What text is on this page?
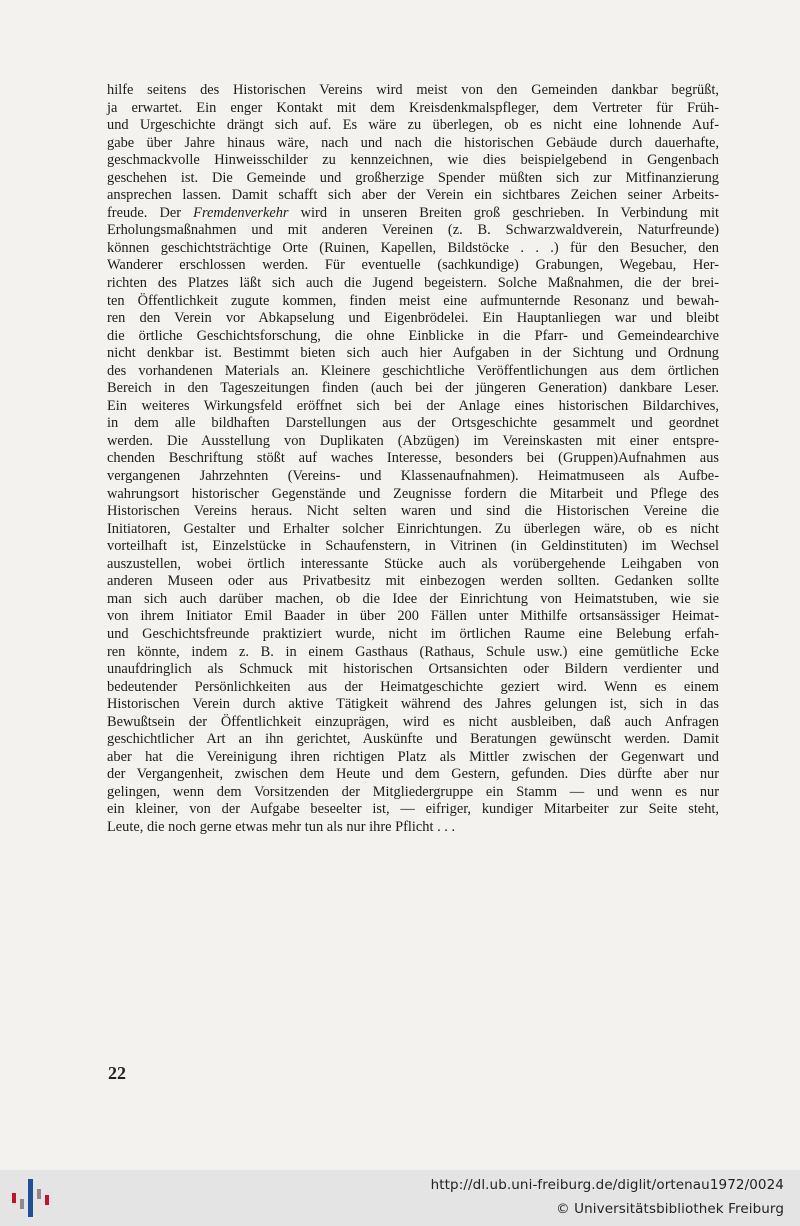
hilfe seitens des Historischen Vereins wird meist von den Gemeinden dankbar begrüßt,
ja erwartet. Ein enger Kontakt mit dem Kreisdenkmalspfleger, dem Vertreter für Früh-
und Urgeschichte drängt sich auf. Es wäre zu überlegen, ob es nicht eine lohnende Auf-
gabe über Jahre hinaus wäre, nach und nach die historischen Gebäude durch dauerhafte,
geschmackvolle Hinweisschilder zu kennzeichnen, wie dies beispielgebend in Gengenbach
geschehen ist. Die Gemeinde und großherzige Spender müßten sich zur Mitfinanzierung
ansprechen lassen. Damit schafft sich aber der Verein ein sichtbares Zeichen seiner Arbeits-
freude. Der Fremdenverkehr wird in unseren Breiten groß geschrieben. In Verbindung mit
Erholungsmaßnahmen und mit anderen Vereinen (z. B. Schwarzwaldverein, Naturfreunde)
können geschichtsträchtige Orte (Ruinen, Kapellen, Bildstöcke . . .) für den Besucher, den
Wanderer erschlossen werden. Für eventuelle (sachkundige) Grabungen, Wegebau, Her-
richten des Platzes läßt sich auch die Jugend begeistern. Solche Maßnahmen, die der brei-
ten Öffentlichkeit zugute kommen, finden meist eine aufmunternde Resonanz und bewah-
ren den Verein vor Abkapselung und Eigenbrödelei. Ein Hauptanliegen war und bleibt
die örtliche Geschichtsforschung, die ohne Einblicke in die Pfarr- und Gemeindearchive
nicht denkbar ist. Bestimmt bieten sich auch hier Aufgaben in der Sichtung und Ordnung
des vorhandenen Materials an. Kleinere geschichtliche Veröffentlichungen aus dem örtlichen
Bereich in den Tageszeitungen finden (auch bei der jüngeren Generation) dankbare Leser.
Ein weiteres Wirkungsfeld eröffnet sich bei der Anlage eines historischen Bildarchives,
in dem alle bildhaften Darstellungen aus der Ortsgeschichte gesammelt und geordnet
werden. Die Ausstellung von Duplikaten (Abzügen) im Vereinskasten mit einer entspre-
chenden Beschriftung stößt auf waches Interesse, besonders bei (Gruppen)Aufnahmen aus
vergangenen Jahrzehnten (Vereins- und Klassenaufnahmen). Heimatmuseen als Aufbe-
wahrungsort historischer Gegenstände und Zeugnisse fordern die Mitarbeit und Pflege des
Historischen Vereins heraus. Nicht selten waren und sind die Historischen Vereine die
Initiatoren, Gestalter und Erhalter solcher Einrichtungen. Zu überlegen wäre, ob es nicht
vorteilhaft ist, Einzelstücke in Schaufenstern, in Vitrinen (in Geldinstituten) im Wechsel
auszustellen, wobei örtlich interessante Stücke auch als vorübergehende Leihgaben von
anderen Museen oder aus Privatbesitz mit einbezogen werden sollten. Gedanken sollte
man sich auch darüber machen, ob die Idee der Einrichtung von Heimatstuben, wie sie
von ihrem Initiator Emil Baader in über 200 Fällen unter Mithilfe ortsansässiger Heimat-
und Geschichtsfreunde praktiziert wurde, nicht im örtlichen Raume eine Belebung erfah-
ren könnte, indem z. B. in einem Gasthaus (Rathaus, Schule usw.) eine gemütliche Ecke
unaufdringlich als Schmuck mit historischen Ortsansichten oder Bildern verdienter und
bedeutender Persönlichkeiten aus der Heimatgeschichte geziert wird. Wenn es einem
Historischen Verein durch aktive Tätigkeit während des Jahres gelungen ist, sich in das
Bewußtsein der Öffentlichkeit einzuprägen, wird es nicht ausbleiben, daß auch Anfragen
geschichtlicher Art an ihn gerichtet, Auskünfte und Beratungen gewünscht werden. Damit
aber hat die Vereinigung ihren richtigen Platz als Mittler zwischen der Gegenwart und
der Vergangenheit, zwischen dem Heute und dem Gestern, gefunden. Dies dürfte aber nur
gelingen, wenn dem Vorsitzenden der Mitgliedergruppe ein Stamm — und wenn es nur
ein kleiner, von der Aufgabe beseelter ist, — eifriger, kundiger Mitarbeiter zur Seite steht,
Leute, die noch gerne etwas mehr tun als nur ihre Pflicht . . .
22
http://dl.ub.uni-freiburg.de/diglit/ortenau1972/0024
© Universitätsbibliothek Freiburg
